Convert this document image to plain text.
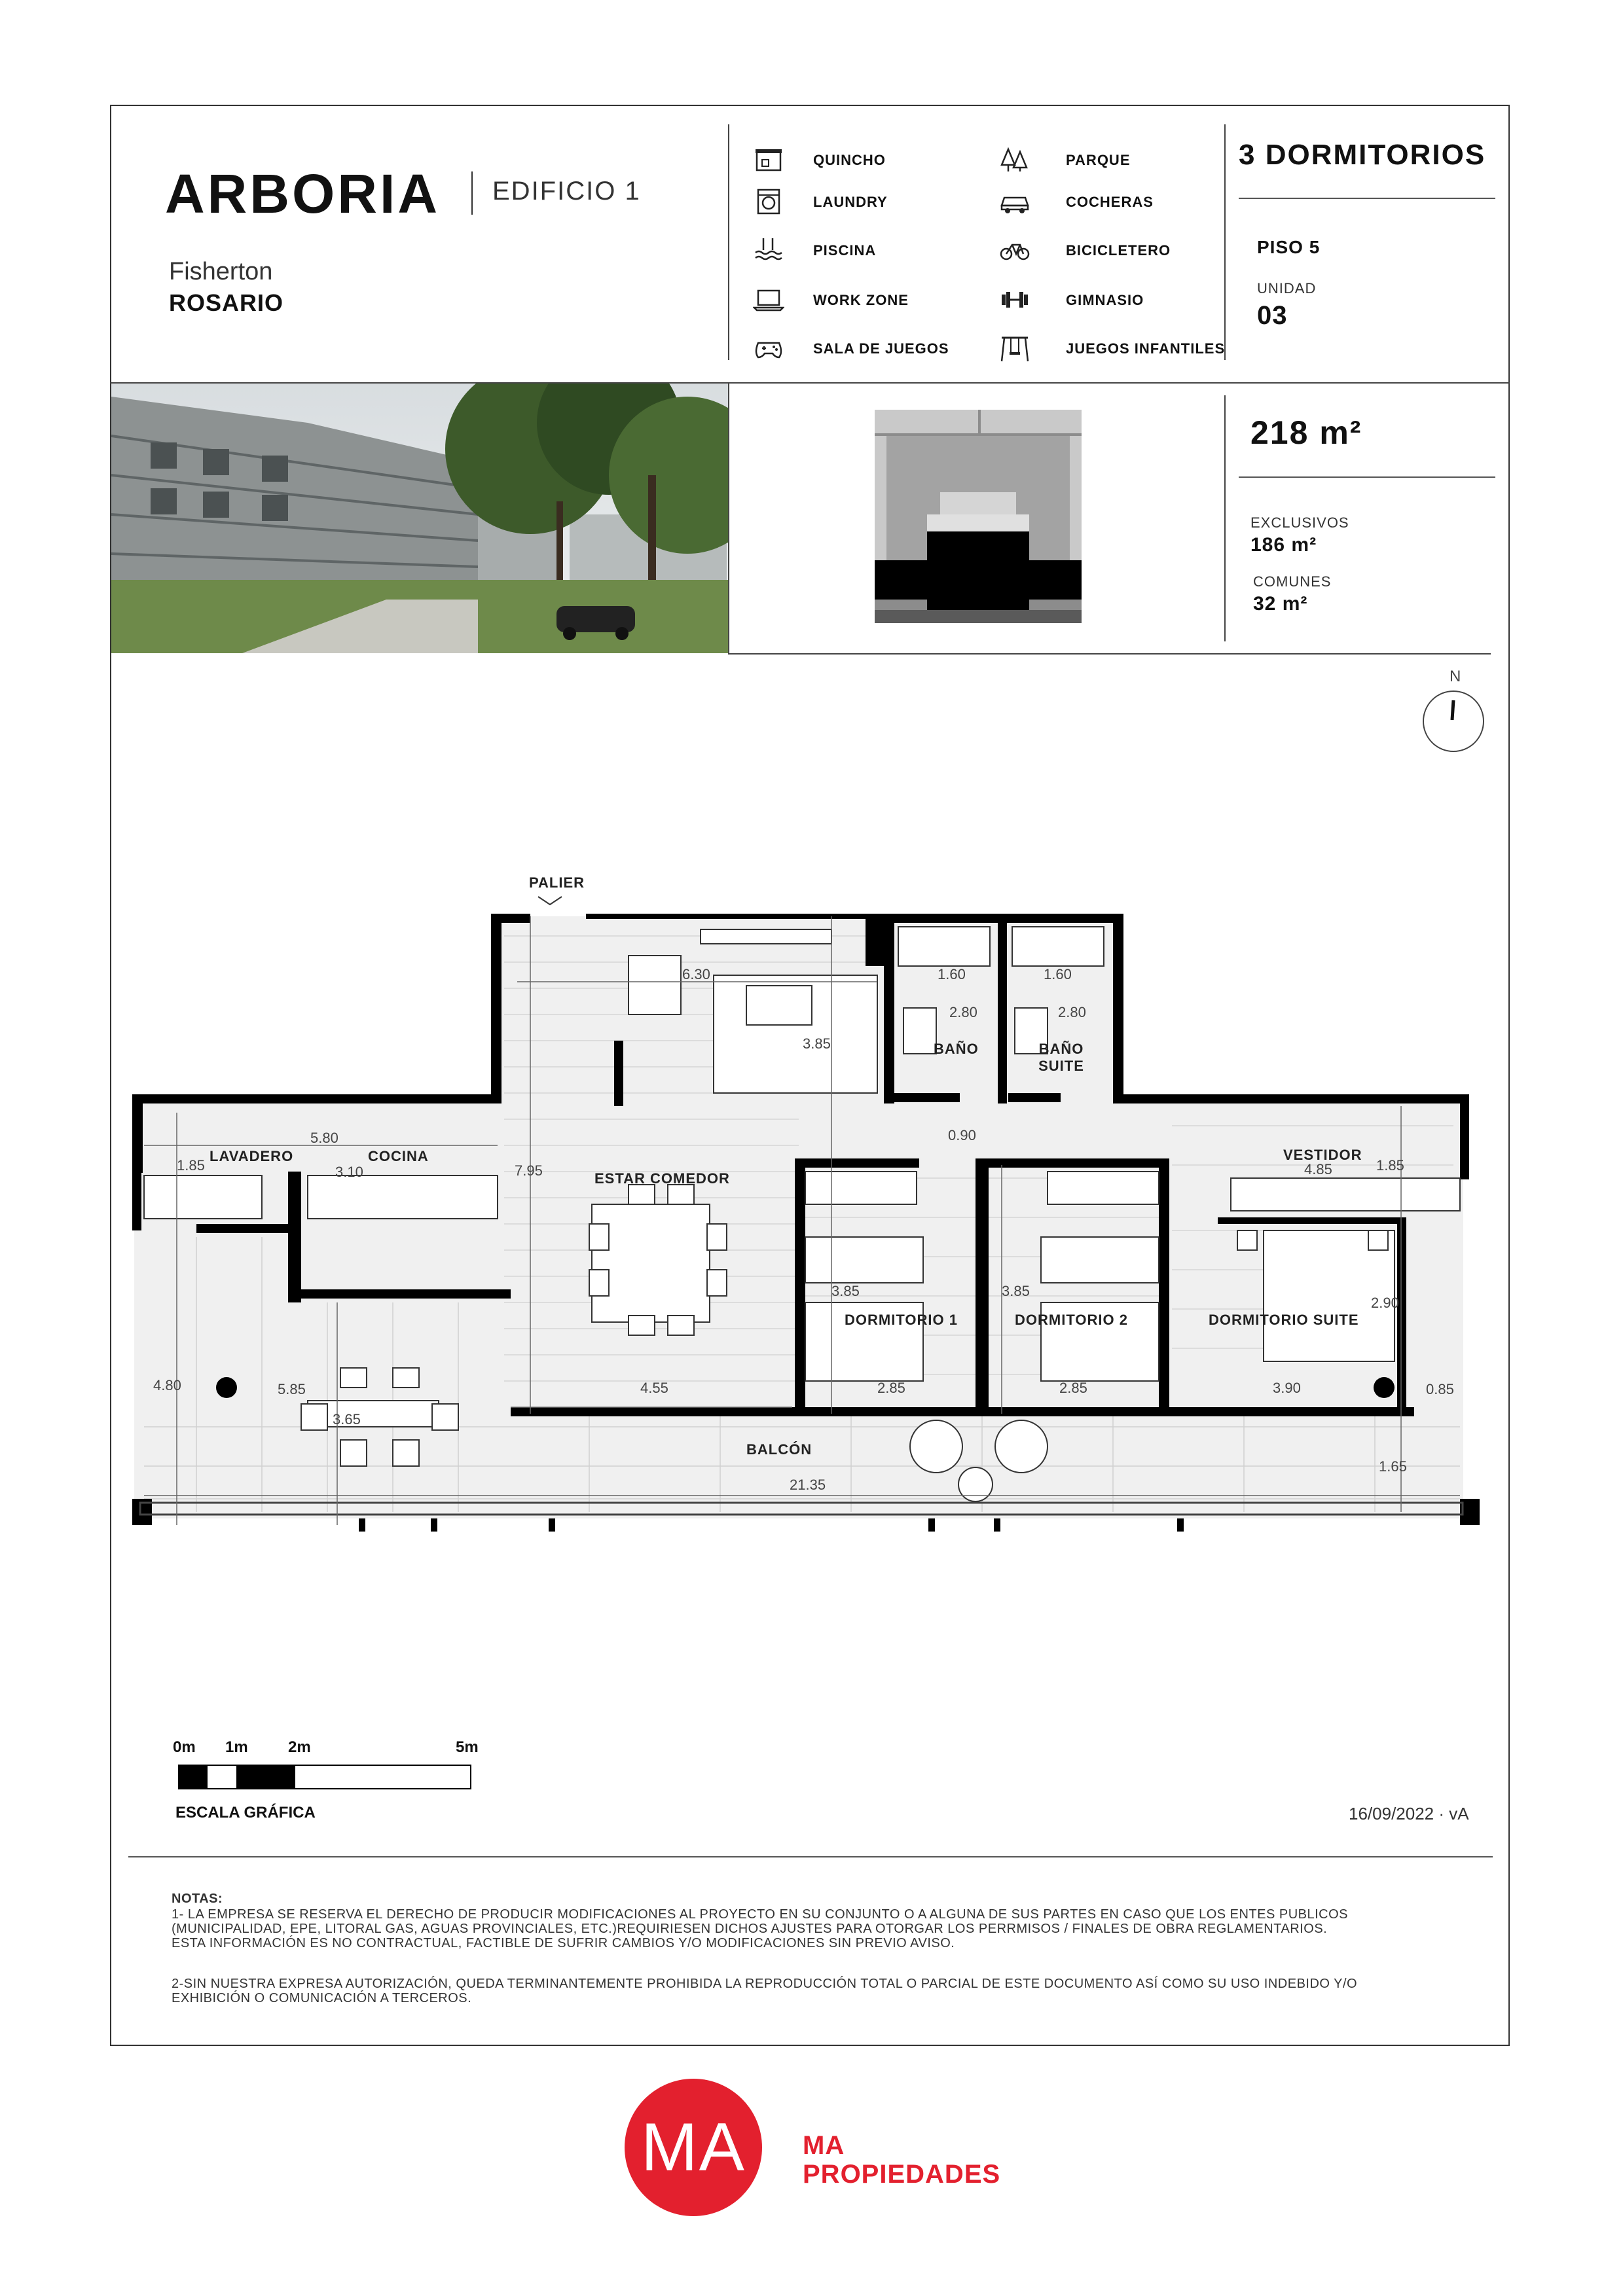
ARBORIA EDIFICIO 1
Fisherton
ROSARIO
QUINCHO	PARQUE
LAUNDRY	COCHERAS
PISCINA	BICICLETERO
WORK ZONE	GIMNASIO
SALA DE JUEGOS	JUEGOS INFANTILES
3 DORMITORIOS
PISO 5
UNIDAD
03
218 m²
EXCLUSIVOS
186 m²
COMUNES
32 m²
N
PALIER
LAVADERO	COCINA
ESTAR COMEDOR
BAÑO	BAÑO SUITE
VESTIDOR
DORMITORIO 1	DORMITORIO 2	DORMITORIO SUITE
BALCÓN
6.30	1.60	1.60
2.80	2.80
3.85
0.90
5.80
1.85	3.10	7.95	4.85	1.85
3.85	3.85
2.90
4.80	5.85
3.65
4.55	2.85	2.85	3.90	0.85
1.65
21.35
0m 1m	2m	5m
ESCALA GRÁFICA	16/09/2022 · vA
NOTAS:
1- LA EMPRESA SE RESERVA EL DERECHO DE PRODUCIR MODIFICACIONES AL PROYECTO EN SU CONJUNTO O A ALGUNA DE SUS PARTES EN CASO QUE LOS ENTES PUBLICOS
(MUNICIPALIDAD, EPE, LITORAL GAS, AGUAS PROVINCIALES, ETC.)REQUIRIESEN DICHOS AJUSTES PARA OTORGAR LOS PERRMISOS / FINALES DE OBRA REGLAMENTARIOS.
ESTA INFORMACIÓN ES NO CONTRACTUAL, FACTIBLE DE SUFRIR CAMBIOS Y/O MODIFICACIONES SIN PREVIO AVISO.
2-SIN NUESTRA EXPRESA AUTORIZACIÓN, QUEDA TERMINANTEMENTE PROHIBIDA LA REPRODUCCIÓN TOTAL O PARCIAL DE ESTE DOCUMENTO ASÍ COMO SU USO INDEBIDO Y/O
EXHIBICIÓN O COMUNICACIÓN A TERCEROS.
MA MA
PROPIEDADES
